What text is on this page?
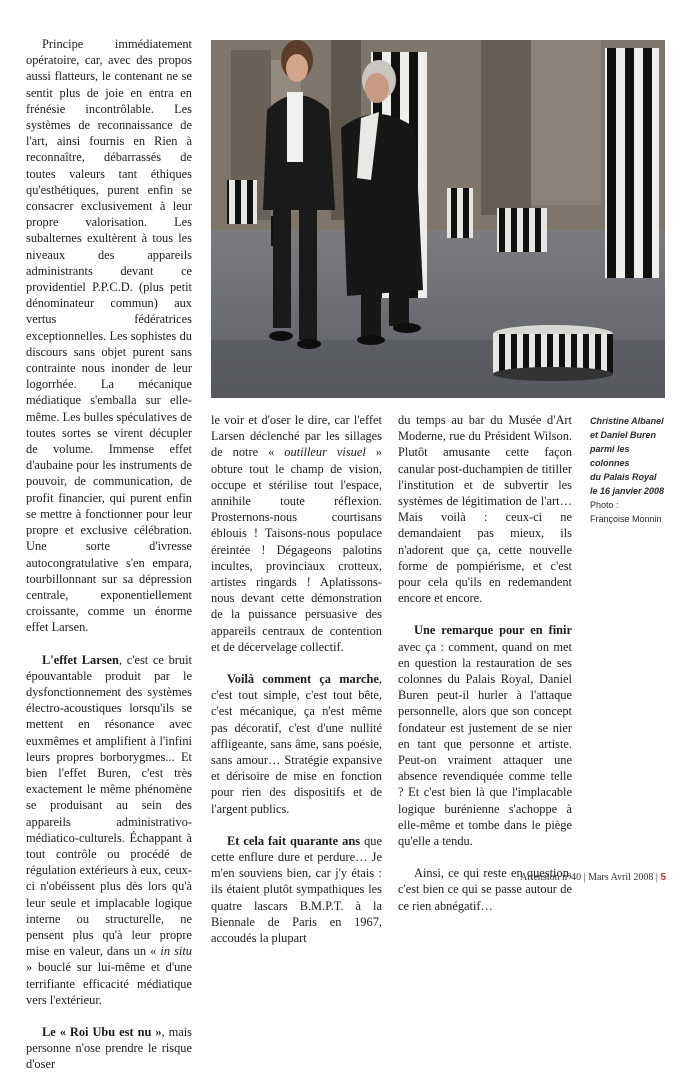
Principe immédiatement opératoire, car, avec des propos aussi flatteurs, le contenant ne se sentit plus de joie en entra en frénésie incontrôlable. Les systèmes de reconnaissance de l'art, ainsi fournis en Rien à reconnaître, débarrassés de toutes valeurs tant éthiques qu'esthétiques, purent enfin se consacrer exclusivement à leur propre valorisation. Les subalternes exultèrent à tous les niveaux des appareils administrants devant ce providentiel P.P.C.D. (plus petit dénominateur commun) aux vertus fédératrices exceptionnelles. Les sophistes du discours sans objet purent sans contrainte nous inonder de leur logorrhée. La mécanique médiatique s'emballa sur elle-même. Les bulles spéculatives de toutes sortes se virent décupler de volume. Immense effet d'aubaine pour les instruments de pouvoir, de communication, de profit financier, qui purent enfin se mettre à fonctionner pour leur propre et exclusive célébration. Une sorte d'ivresse autocongratulative s'en empara, tourbillonnant sur sa dépression centrale, exponentiellement croissante, comme un énorme effet Larsen.

L'effet Larsen, c'est ce bruit épouvantable produit par le dysfonctionnement des systèmes électro-acoustiques lorsqu'ils se mettent en résonance avec euxmêmes et amplifient à l'infini leurs propres borborygmes... Et bien l'effet Buren, c'est très exactement le même phénomène se produisant au sein des appareils administrativo-médiatico-culturels. Échappant à tout contrôle ou procédé de régulation extérieurs à eux, ceux-ci n'obéissent plus dès lors qu'à leur seule et implacable logique interne ou structurelle, ne pensent plus qu'à leur propre mise en valeur, dans un « in situ » bouclé sur lui-même et d'une terrifiante efficacité médiatique vers l'extérieur.

Le « Roi Ubu est nu », mais personne n'ose prendre le risque d'oser

le voir et d'oser le dire, car l'effet Larsen déclenché par les sillages de notre « outilleur visuel » obture tout le champ de vision, occupe et stérilise tout l'espace, annihile toute réflexion. Prosternons-nous courtisans éblouis ! Taisons-nous populace éreintée ! Dégageons palotins incultes, provinciaux crotteux, artistes ringards ! Aplatissons-nous devant cette démonstration de la puissance persuasive des appareils centraux de contention et de décervelage collectif.

Voilà comment ça marche, c'est tout simple, c'est tout bête, c'est mécanique, ça n'est même pas décoratif, c'est d'une nullité affligeante, sans âme, sans poésie, sans amour… Stratégie expansive et dérisoire de mise en fonction pour rien des dispositifs et de l'argent publics.

Et cela fait quarante ans que cette enflure dure et perdure… Je m'en souviens bien, car j'y étais : ils étaient plutôt sympathiques les quatre lascars B.M.P.T. à la Biennale de Paris en 1967, accoudés la plupart

du temps au bar du Musée d'Art Moderne, rue du Président Wilson. Plutôt amusante cette façon canular post-duchampien de titiller l'institution et de subvertir les systèmes de légitimation de l'art… Mais voilà : ceux-ci ne demandaient pas mieux, ils n'adorent que ça, cette nouvelle forme de pompiérisme, et c'est pour cela qu'ils en redemandent encore et encore.

Une remarque pour en finir avec ça : comment, quand on met en question la restauration de ses colonnes du Palais Royal, Daniel Buren peut-il hurler à l'attaque personnelle, alors que son concept fondateur est justement de se nier en tant que personne et artiste. Peut-on vraiment attaquer une absence revendiquée comme telle ? Et c'est bien là que l'implacable logique burénienne s'achoppe à elle-même et tombe dans le piège qu'elle a tendu.

Ainsi, ce qui reste en question, c'est bien ce qui se passe autour de ce rien abnégatif…

Christine Albanel
et Daniel Buren
parmi les colonnes
du Palais Royal
le 16 janvier 2008
Photo :
Françoise Monnin
Artension n°40 | Mars Avril 2008 | 5
